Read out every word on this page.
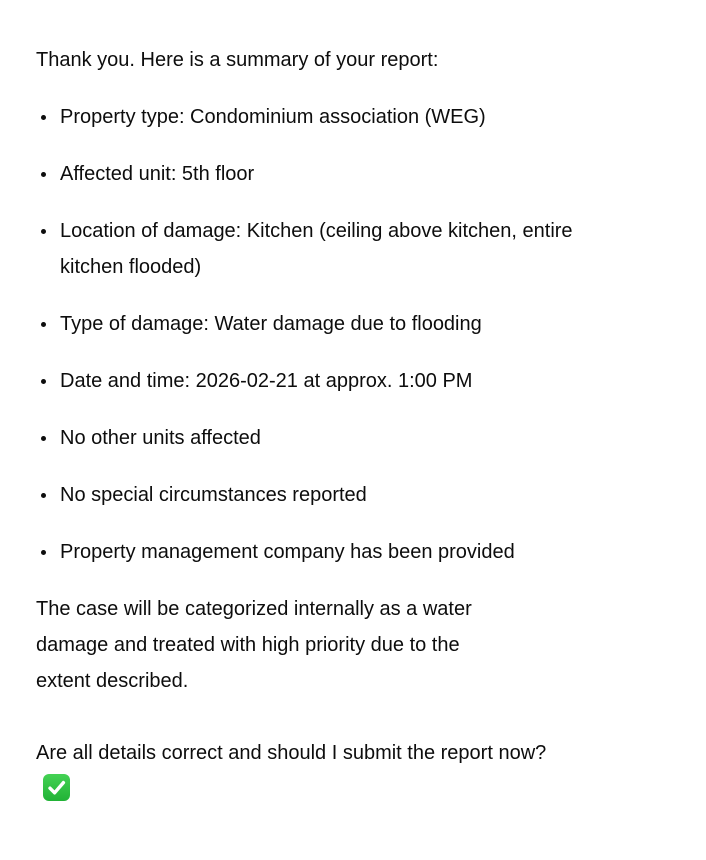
Thank you. Here is a summary of your report:

Property type: Condominium association (WEG)
Affected unit: 5th floor
Location of damage: Kitchen (ceiling above kitchen, entire kitchen flooded)
Type of damage: Water damage due to flooding
Date and time: 2026-02-21 at approx. 1:00 PM
No other units affected
No special circumstances reported
Property management company has been provided

The case will be categorized internally as a water damage and treated with high priority due to the extent described.

Are all details correct and should I submit the report now?
